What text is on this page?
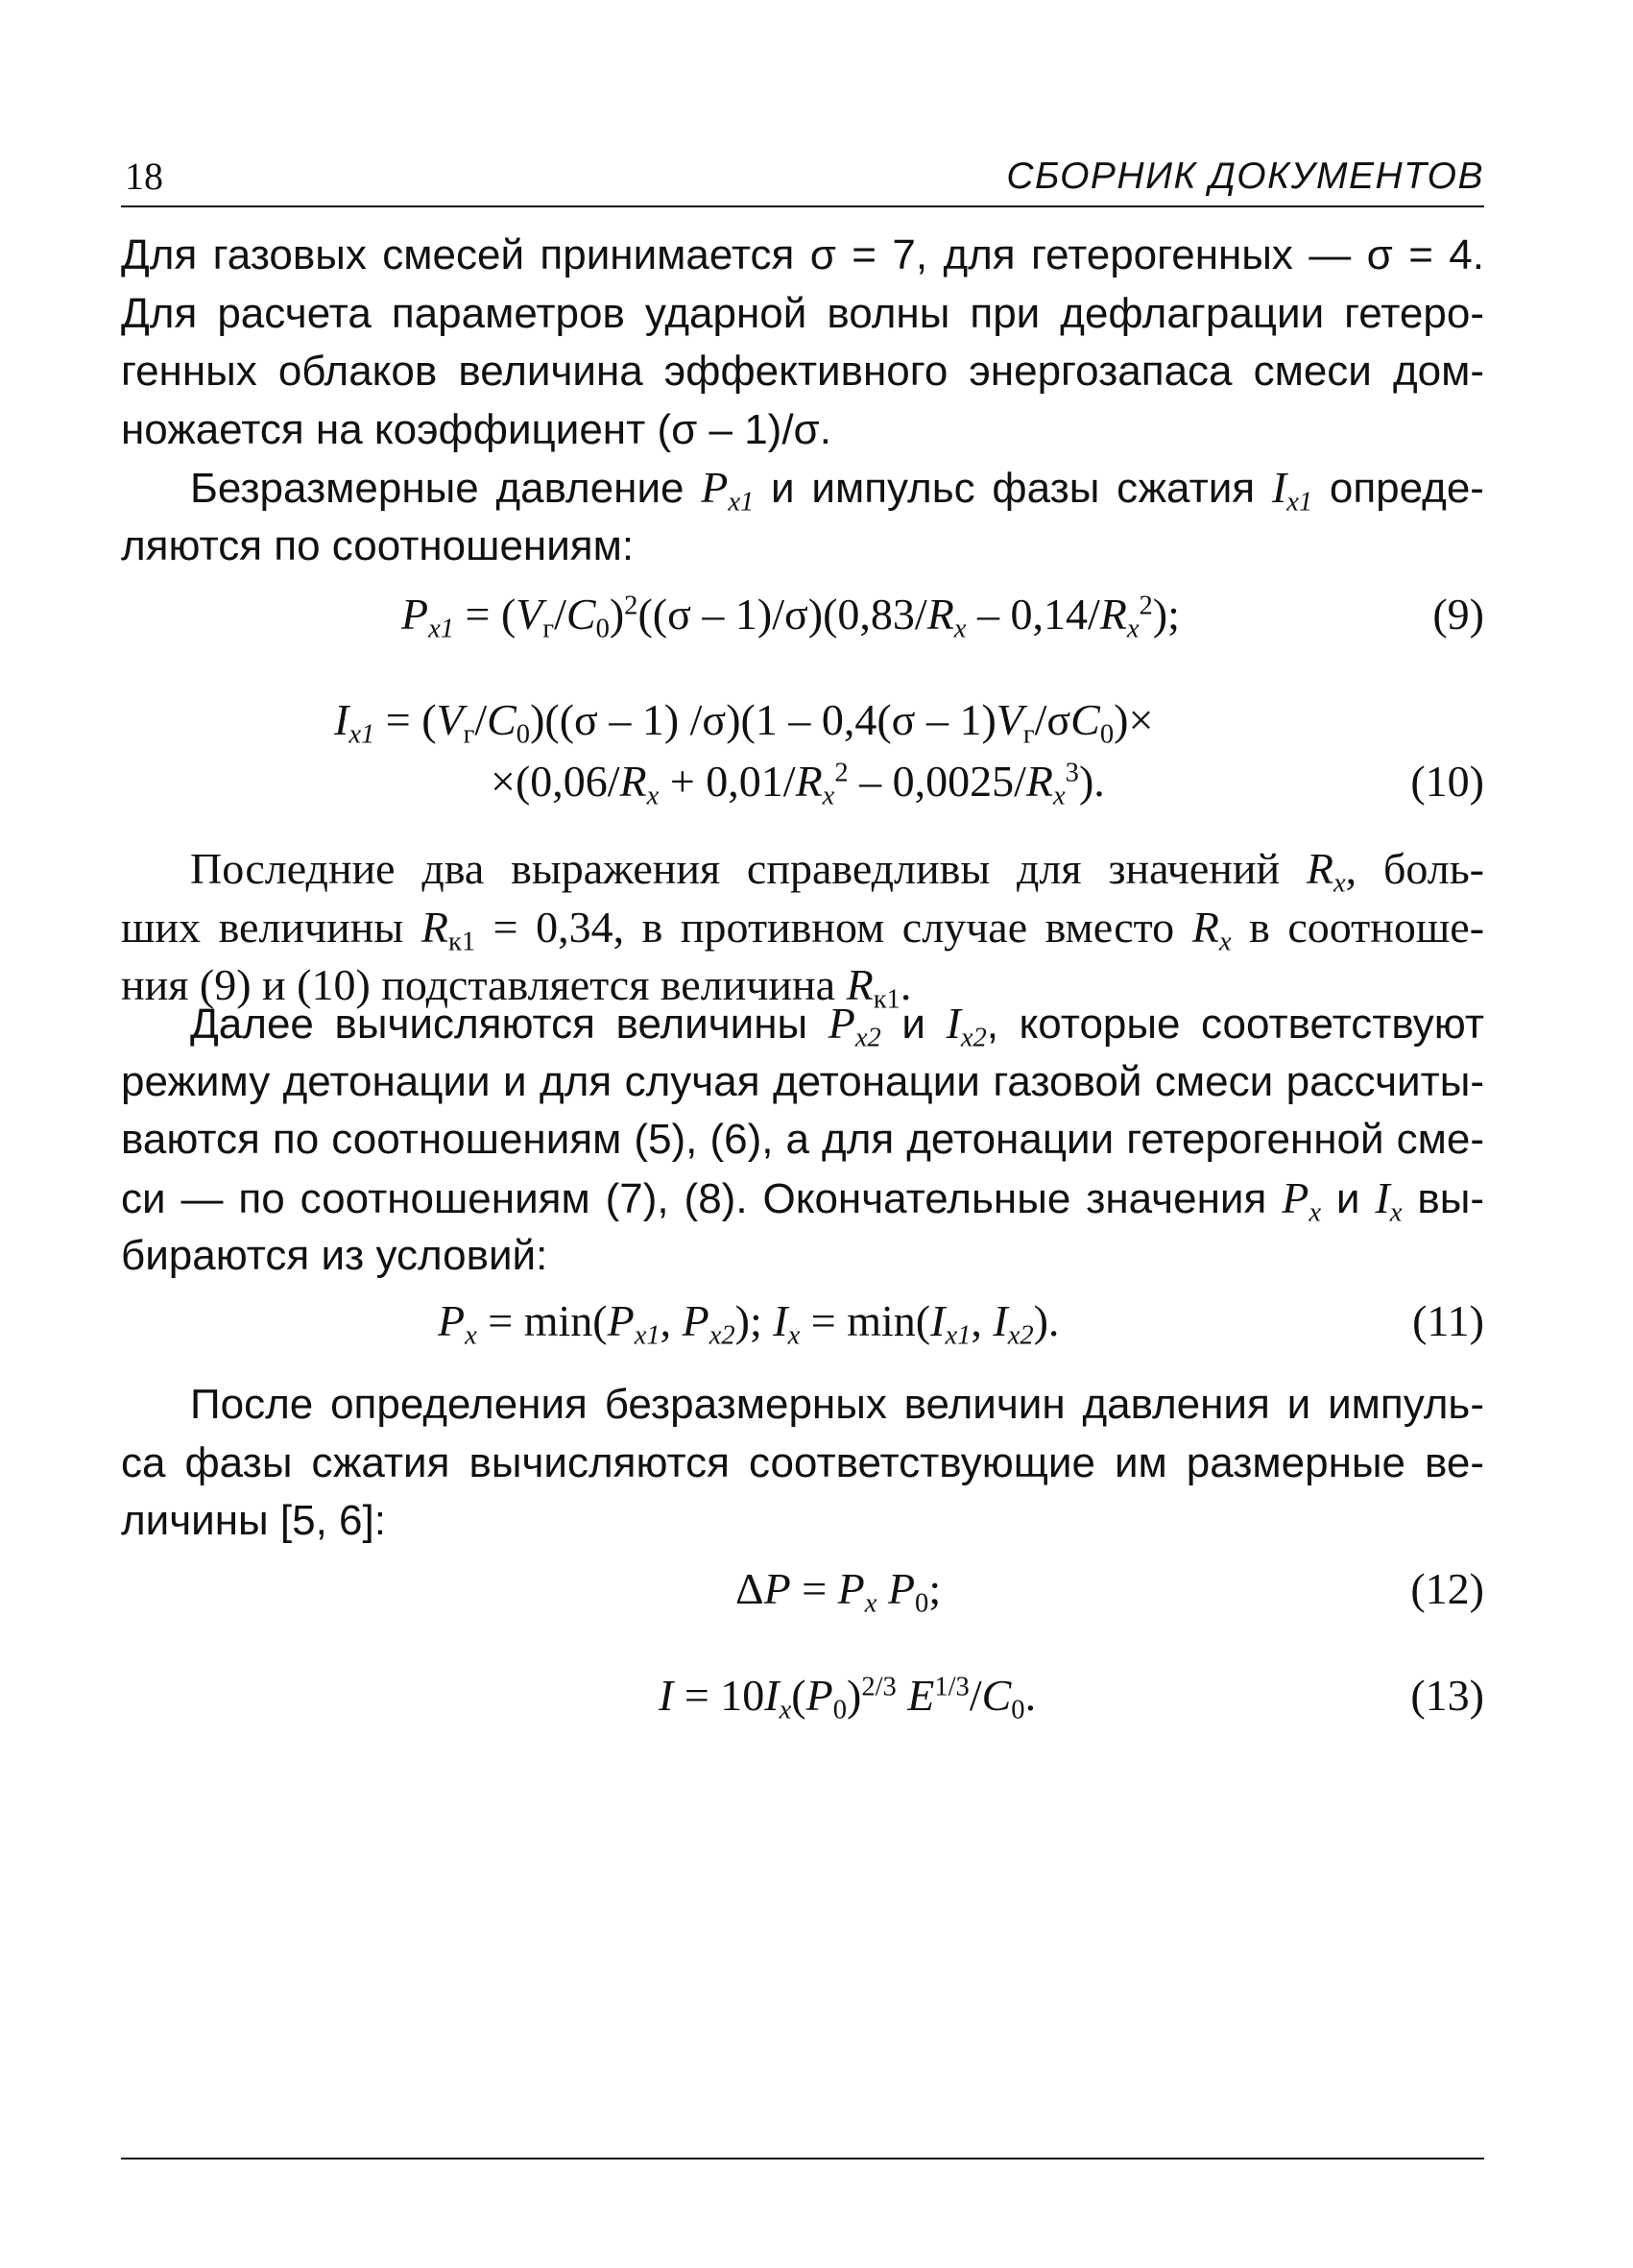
18	СБОРНИК ДОКУМЕНТОВ
Для газовых смесей принимается σ = 7, для гетерогенных — σ = 4.
Для расчета параметров ударной волны при дефлаграции гетеро-
генных облаков величина эффективного энергозапаса смеси дом-
ножается на коэффициент (σ – 1)/σ.
Безразмерные давление $P_{x1}$ и импульс фазы сжатия $I_{x1}$ опреде-
ляются по соотношениям:
$P_{x1} = (V_г/C_0)^2((\sigma - 1)/\sigma)(0,83/R_x - 0,14/R_x^2)$;	(9)
$I_{x1} = (V_г/C_0)((\sigma - 1)$ $/\sigma)(1 - 0,4(\sigma - 1)V_г/\sigma C_0)\times$
$\times(0,06/R_x + 0,01/R_x^2 - 0,0025/R_x^3)$.	(10)
Последние два выражения справедливы для значений $R_x$, боль-
ших величины $R_{к1} = 0,34$, в противном случае вместо $R_x$ в соотноше-
ния (9) и (10) подставляется величина $R_{к1}$.
Далее вычисляются величины $P_{x2}$ и $I_{x2}$, которые соответствуют
режиму детонации и для случая детонации газовой смеси рассчиты-
ваются по соотношениям (5), (6), а для детонации гетерогенной сме-
си — по соотношениям (7), (8). Окончательные значения $P_x$ и $I_x$ вы-
бираются из условий:
$P_x = \min(P_{x1}$, $P_{x2}$); $I_x = \min(I_{x1}$, $I_{x2}$).	(11)
После определения безразмерных величин давления и импуль-
са фазы сжатия вычисляются соответствующие им размерные ве-
личины [5, 6]:
$\Delta P = P_x$ $P_0$;	(12)
$I = 10I_x(P_0)^{2/3}$ $E^{1/3}/C_0$.	(13)
